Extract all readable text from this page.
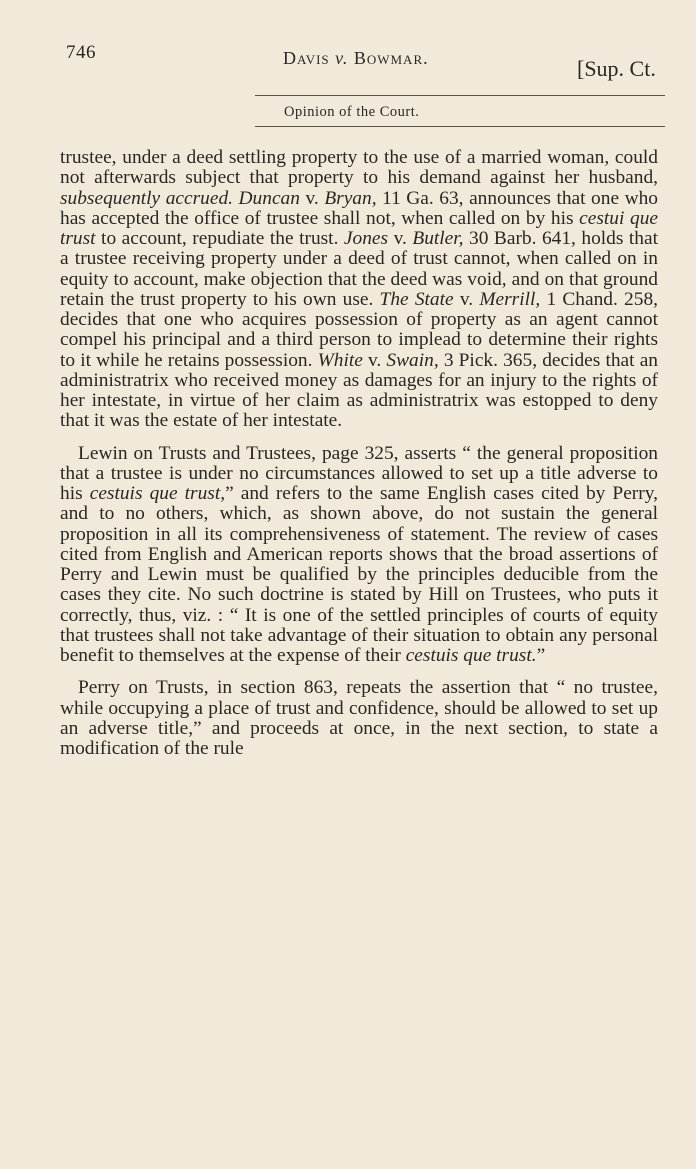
746	Davis v. Bowmar.	[Sup. Ct.
Opinion of the Court.

trustee, under a deed settling property to the use of a married woman, could not afterwards subject that property to his demand against her husband, subsequently accrued. Duncan v. Bryan, 11 Ga. 63, announces that one who has accepted the office of trustee shall not, when called on by his cestui que trust to account, repudiate the trust. Jones v. Butler, 30 Barb. 641, holds that a trustee receiving property under a deed of trust cannot, when called on in equity to account, make objection that the deed was void, and on that ground retain the trust property to his own use. The State v. Merrill, 1 Chand. 258, decides that one who acquires possession of property as an agent cannot compel his principal and a third person to implead to determine their rights to it while he retains possession. White v. Swain, 3 Pick. 365, decides that an administratrix who received money as damages for an injury to the rights of her intestate, in virtue of her claim as administratrix was estopped to deny that it was the estate of her intestate.

Lewin on Trusts and Trustees, page 325, asserts “ the general proposition that a trustee is under no circumstances allowed to set up a title adverse to his cestuis que trust,” and refers to the same English cases cited by Perry, and to no others, which, as shown above, do not sustain the general proposition in all its comprehensiveness of statement. The review of cases cited from English and American reports shows that the broad assertions of Perry and Lewin must be qualified by the principles deducible from the cases they cite. No such doctrine is stated by Hill on Trustees, who puts it correctly, thus, viz. : “ It is one of the settled principles of courts of equity that trustees shall not take advantage of their situation to obtain any personal benefit to themselves at the expense of their cestuis que trust.”

Perry on Trusts, in section 863, repeats the assertion that “ no trustee, while occupying a place of trust and confidence, should be allowed to set up an adverse title,” and proceeds at once, in the next section, to state a modification of the rule
